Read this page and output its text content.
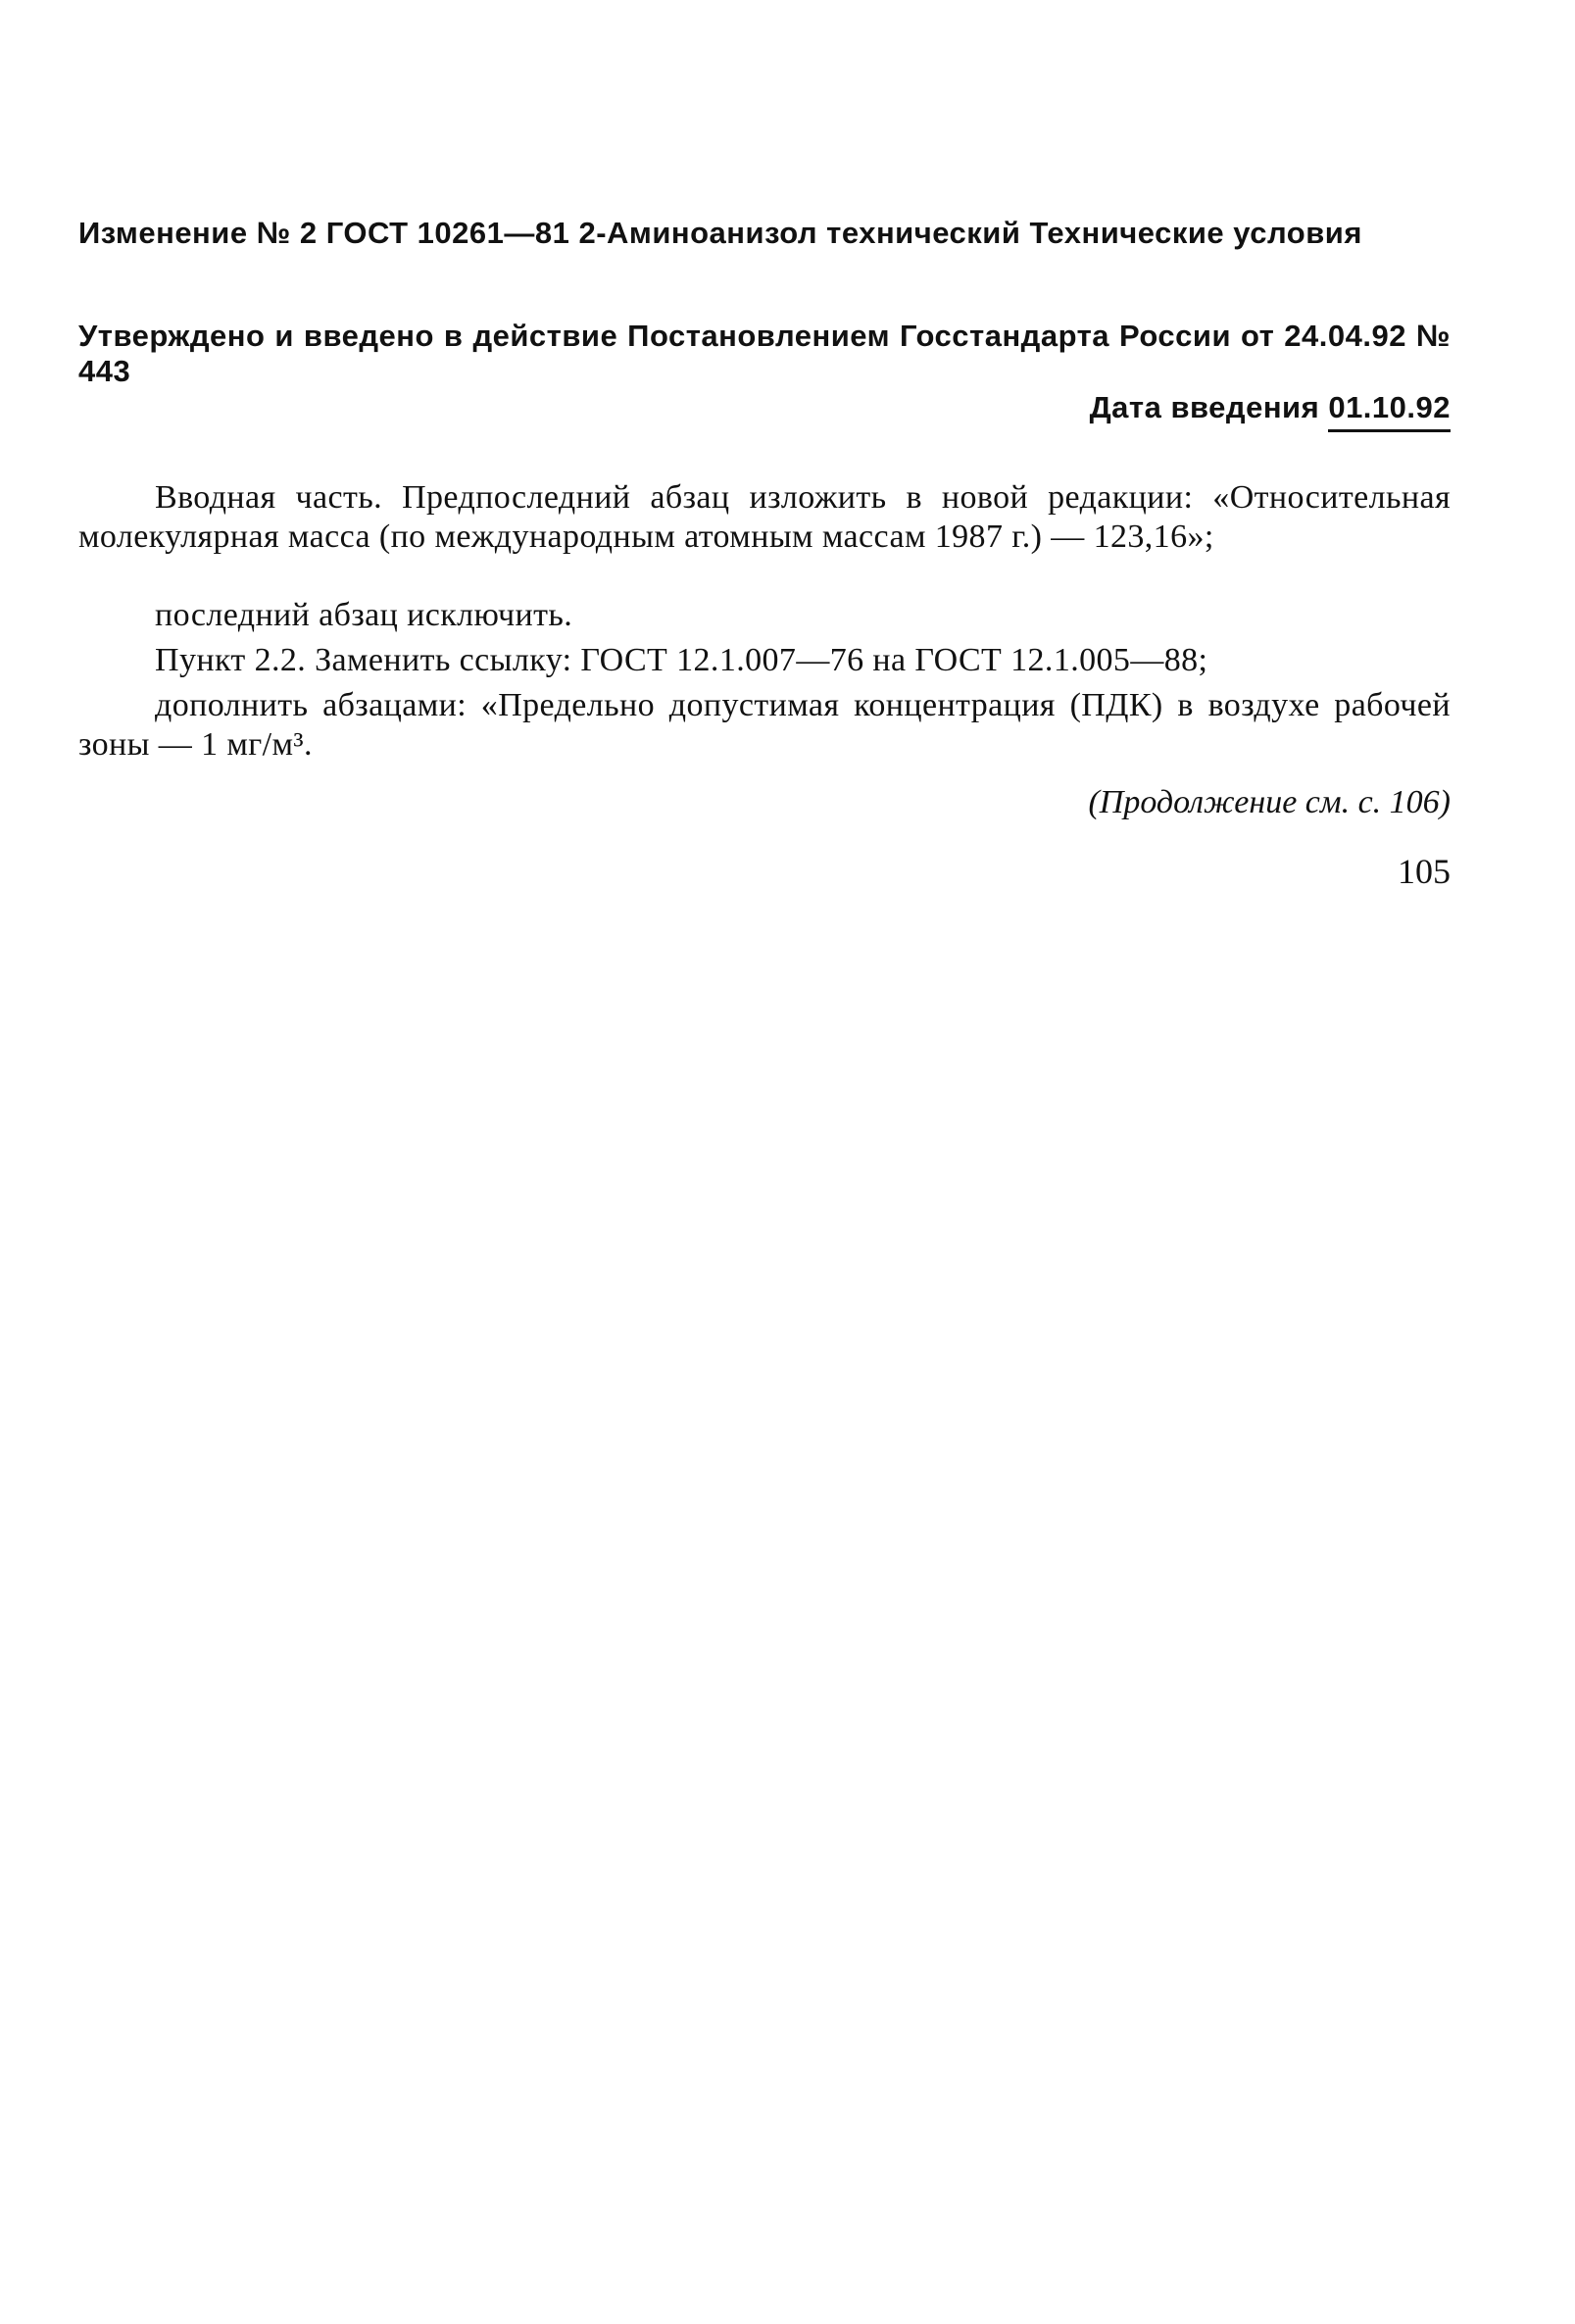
Изменение № 2 ГОСТ 10261—81 2-Аминоанизол технический Технические условия
Утверждено и введено в действие Постановлением Госстандарта России от 24.04.92 № 443
Дата введения 01.10.92

Вводная часть. Предпоследний абзац изложить в новой редакции: «Относительная молекулярная масса (по международным атомным массам 1987 г.) — 123,16»;

последний абзац исключить.

Пункт 2.2. Заменить ссылку: ГОСТ 12.1.007—76 на ГОСТ 12.1.005—88;

дополнить абзацами: «Предельно допустимая концентрация (ПДК) в воздухе рабочей зоны — 1 мг/м³.

(Продолжение см. с. 106)
105
